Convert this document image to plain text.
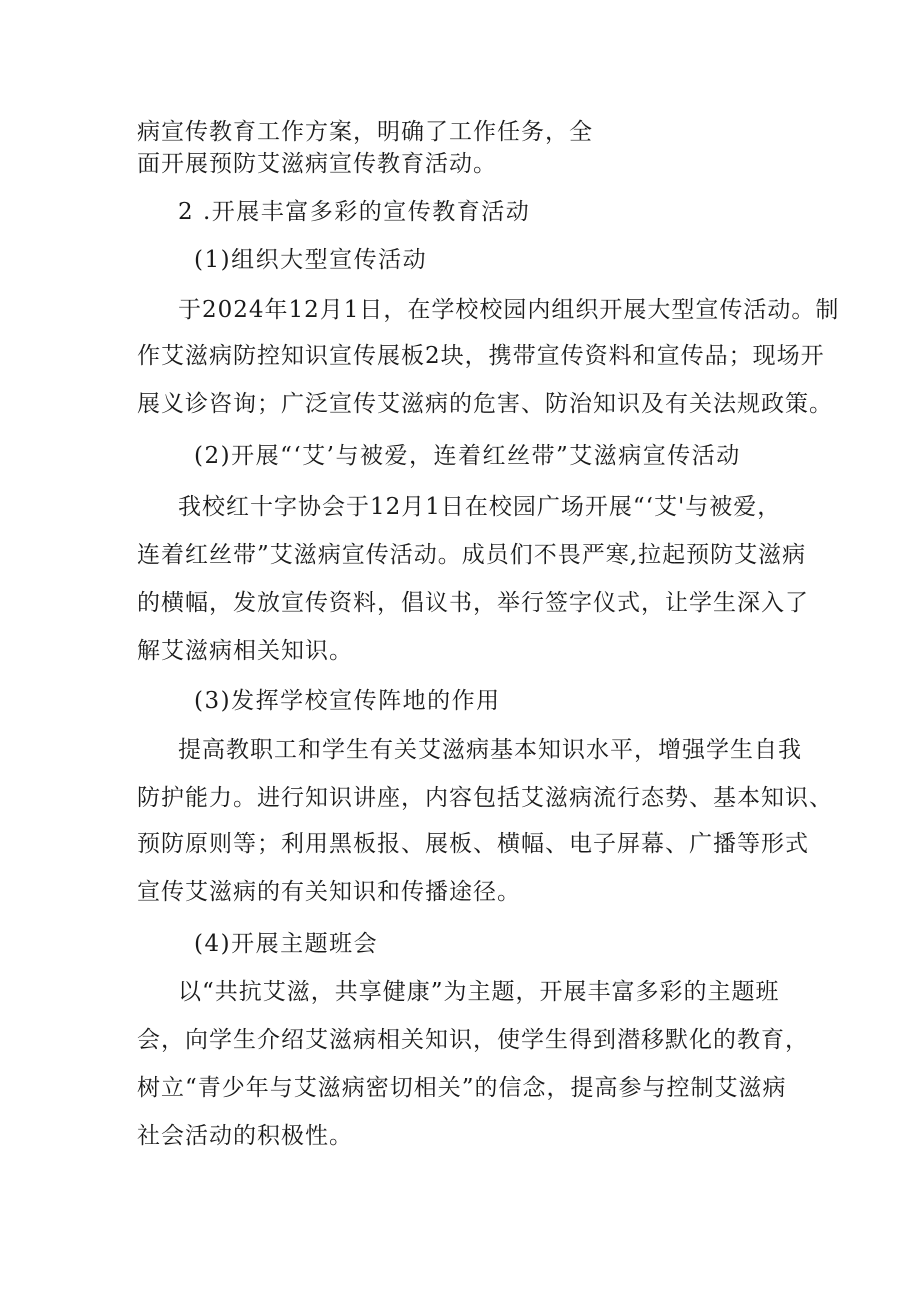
病宣传教育工作方案，明确了工作任务，全

面开展预防艾滋病宣传教育活动。

2 .开展丰富多彩的宣传教育活动

(1)组织大型宣传活动

于2024年12月1日，在学校校园内组织开展大型宣传活动。制

作艾滋病防控知识宣传展板2块，携带宣传资料和宣传品；现场开

展义诊咨询；广泛宣传艾滋病的危害、防治知识及有关法规政策。

(2)开展“‘艾’与被爱，连着红丝带”艾滋病宣传活动

我校红十字协会于12月1日在校园广场开展“‘艾'与被爱，

连着红丝带”艾滋病宣传活动。成员们不畏严寒,拉起预防艾滋病

的横幅，发放宣传资料，倡议书，举行签字仪式，让学生深入了

解艾滋病相关知识。

(3)发挥学校宣传阵地的作用

提高教职工和学生有关艾滋病基本知识水平，增强学生自我

防护能力。进行知识讲座，内容包括艾滋病流行态势、基本知识、

预防原则等；利用黑板报、展板、横幅、电子屏幕、广播等形式

宣传艾滋病的有关知识和传播途径。

(4)开展主题班会

以“共抗艾滋，共享健康”为主题，开展丰富多彩的主题班

会，向学生介绍艾滋病相关知识，使学生得到潜移默化的教育，

树立“青少年与艾滋病密切相关”的信念，提高参与控制艾滋病

社会活动的积极性。
